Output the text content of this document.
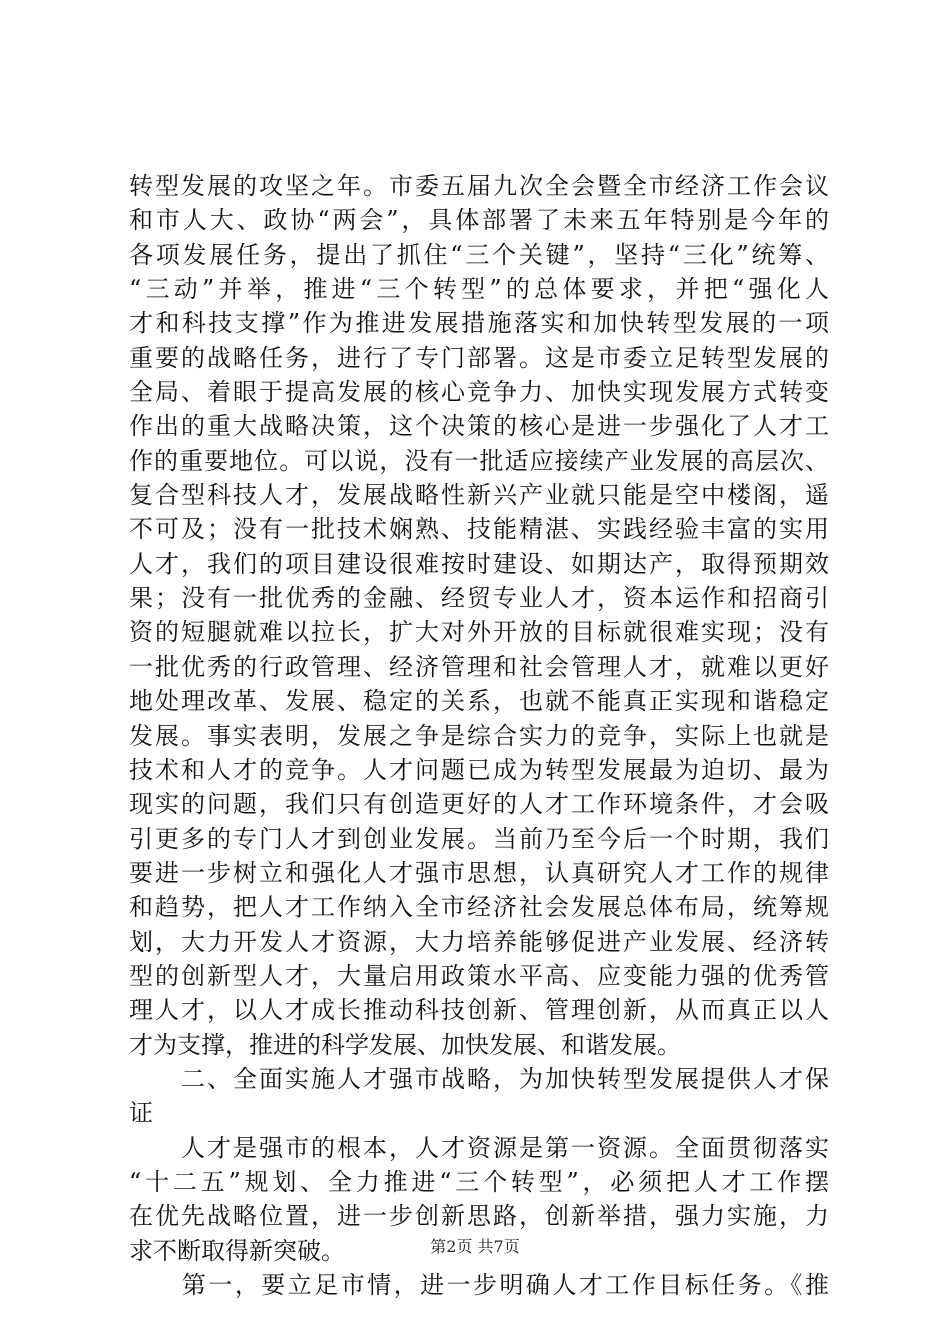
转型发展的攻坚之年。市委五届九次全会暨全市经济工作会议
和市人大、政协“两会”，具体部署了未来五年特别是今年的
各项发展任务，提出了抓住“三个关键”，坚持“三化”统筹、
“三动”并举，推进“三个转型”的总体要求，并把“强化人
才和科技支撑”作为推进发展措施落实和加快转型发展的一项
重要的战略任务，进行了专门部署。这是市委立足转型发展的
全局、着眼于提高发展的核心竞争力、加快实现发展方式转变
作出的重大战略决策，这个决策的核心是进一步强化了人才工
作的重要地位。可以说，没有一批适应接续产业发展的高层次、
复合型科技人才，发展战略性新兴产业就只能是空中楼阁，遥
不可及；没有一批技术娴熟、技能精湛、实践经验丰富的实用
人才，我们的项目建设很难按时建设、如期达产，取得预期效
果；没有一批优秀的金融、经贸专业人才，资本运作和招商引
资的短腿就难以拉长，扩大对外开放的目标就很难实现；没有
一批优秀的行政管理、经济管理和社会管理人才，就难以更好
地处理改革、发展、稳定的关系，也就不能真正实现和谐稳定
发展。事实表明，发展之争是综合实力的竞争，实际上也就是
技术和人才的竞争。人才问题已成为转型发展最为迫切、最为
现实的问题，我们只有创造更好的人才工作环境条件，才会吸
引更多的专门人才到创业发展。当前乃至今后一个时期，我们
要进一步树立和强化人才强市思想，认真研究人才工作的规律
和趋势，把人才工作纳入全市经济社会发展总体布局，统筹规
划，大力开发人才资源，大力培养能够促进产业发展、经济转
型的创新型人才，大量启用政策水平高、应变能力强的优秀管
理人才，以人才成长推动科技创新、管理创新，从而真正以人
才为支撑，推进的科学发展、加快发展、和谐发展。
　　二、全面实施人才强市战略，为加快转型发展提供人才保
证
　　人才是强市的根本，人才资源是第一资源。全面贯彻落实
“十二五”规划、全力推进“三个转型”，必须把人才工作摆
在优先战略位置，进一步创新思路，创新举措，强力实施，力
求不断取得新突破。
　　第一，要立足市情，进一步明确人才工作目标任务。《推
第2页 共7页
